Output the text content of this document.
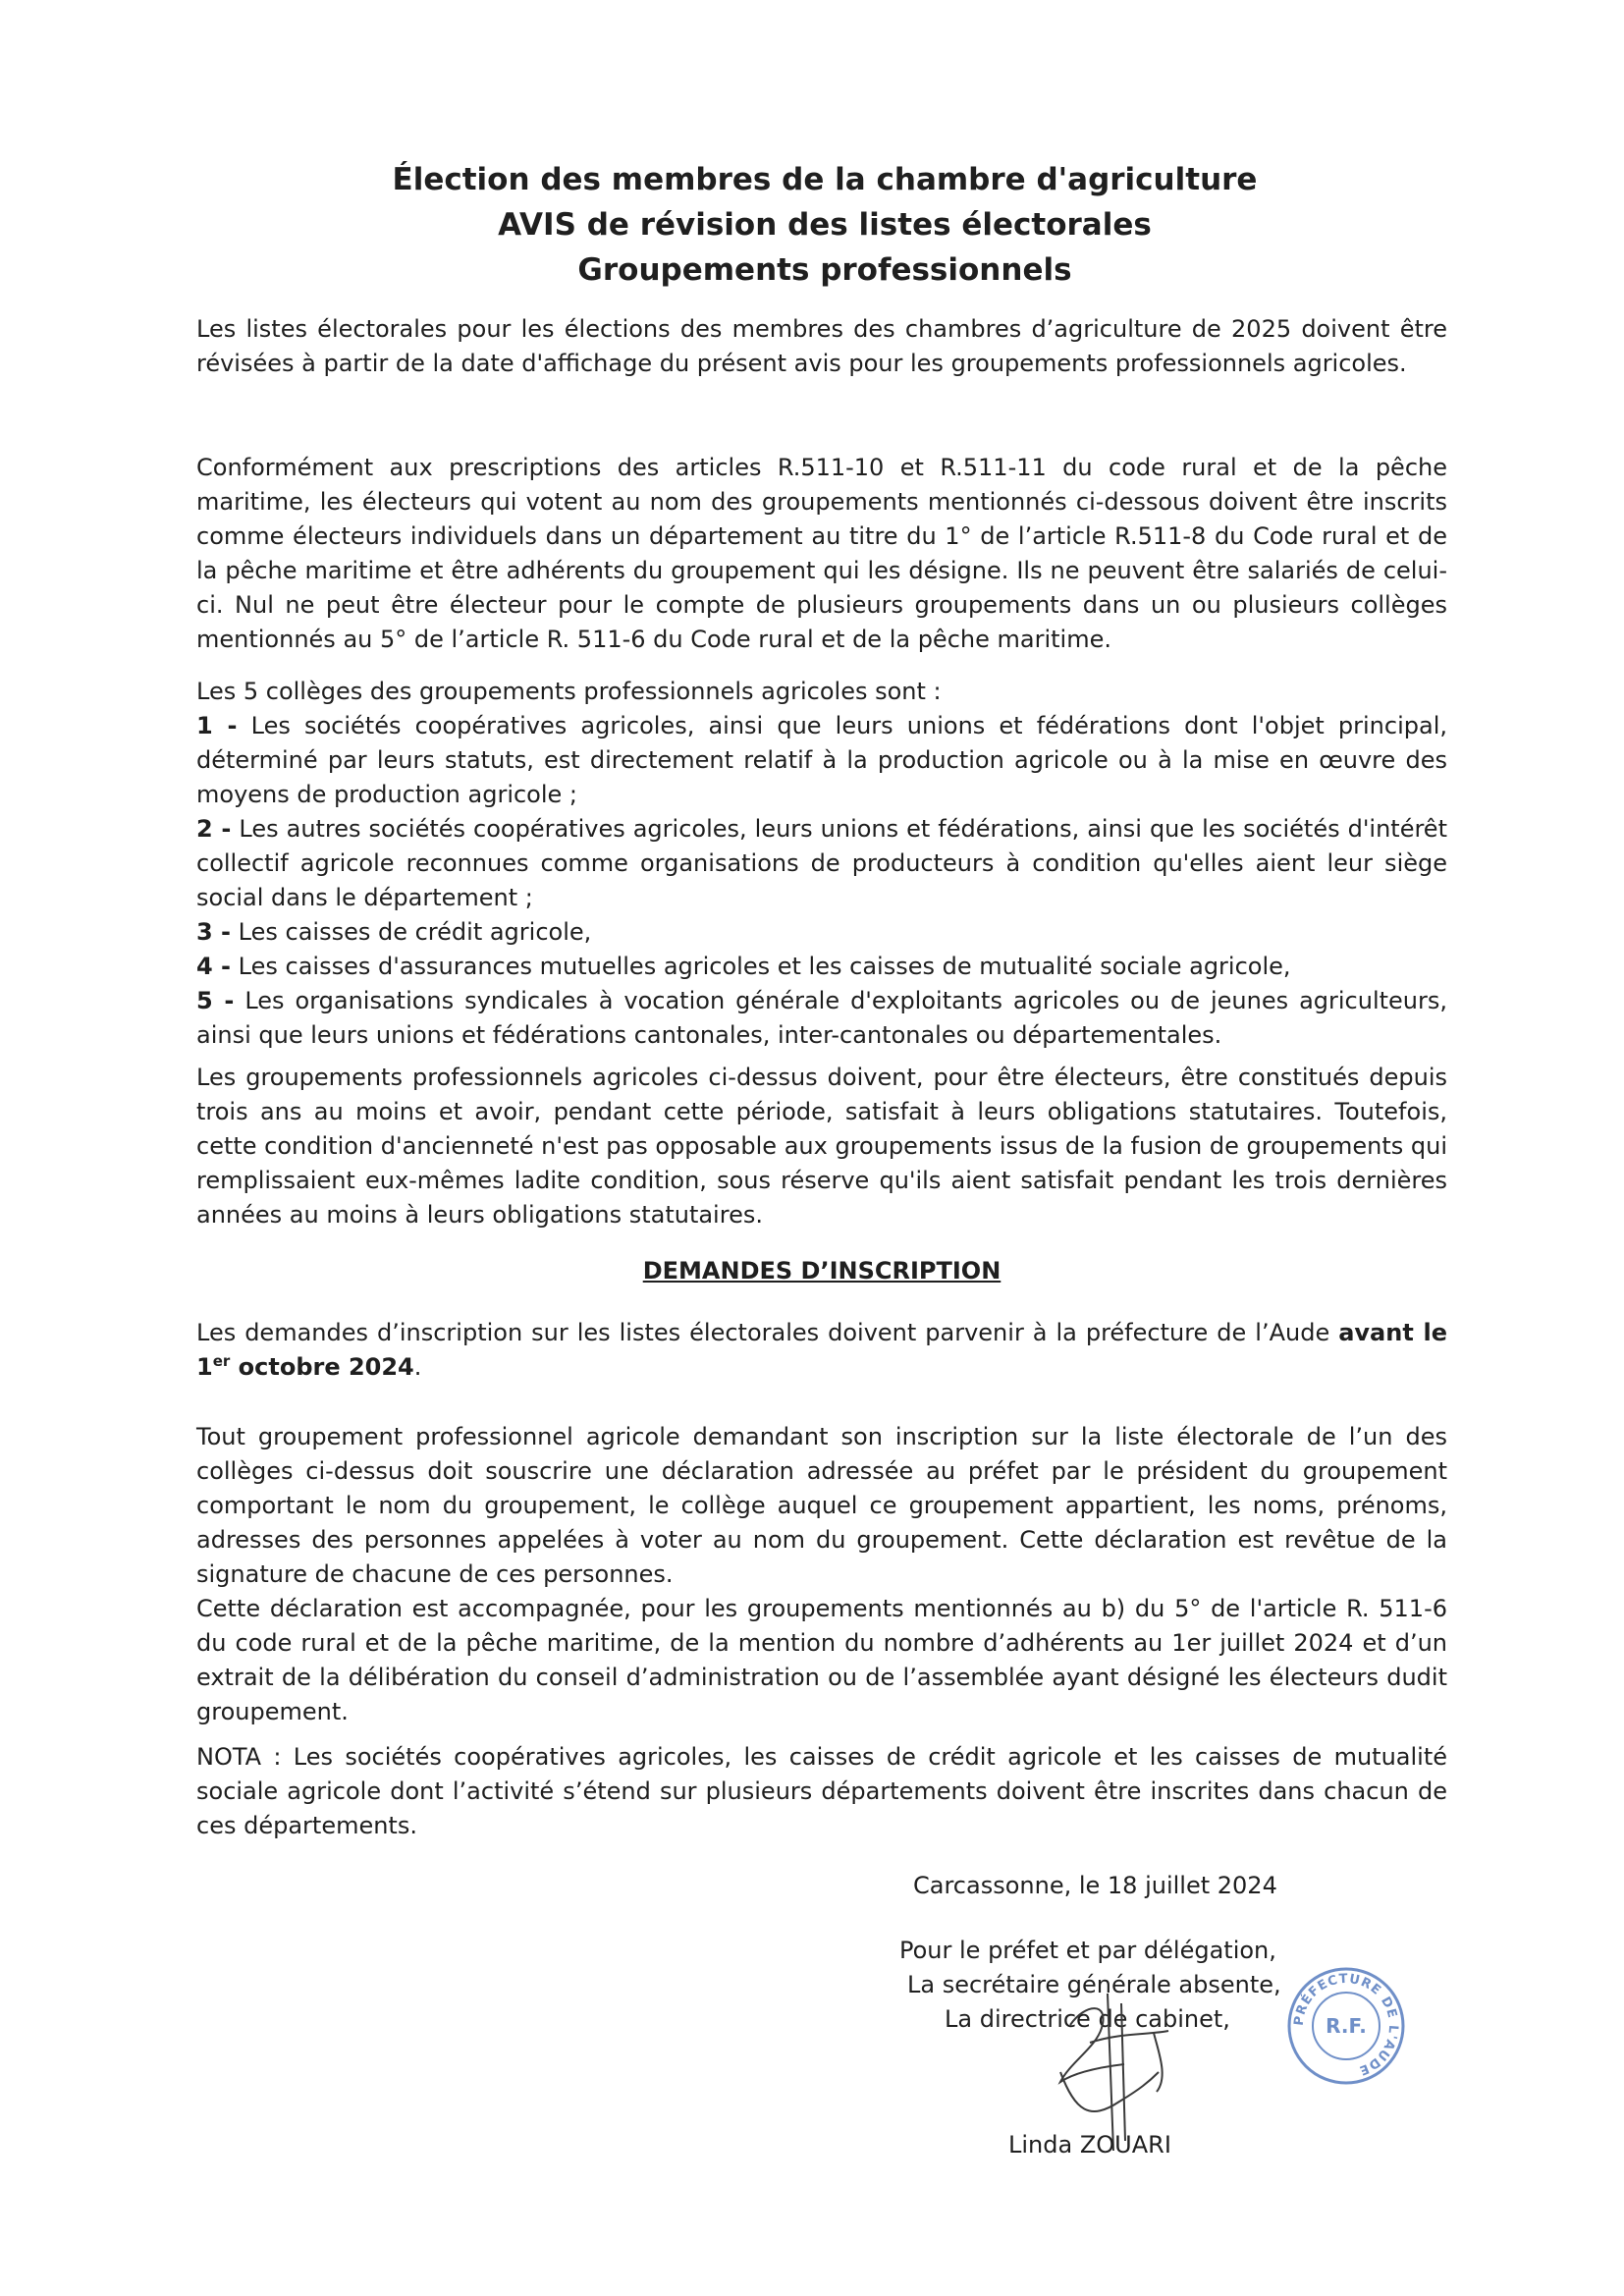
Élection des membres de la chambre d'agriculture
AVIS de révision des listes électorales
Groupements professionnels

Les listes électorales pour les élections des membres des chambres d’agriculture de 2025 doivent être révisées à partir de la date d'affichage du présent avis pour les groupements professionnels agricoles.

Conformément aux prescriptions des articles R.511-10 et R.511-11 du code rural et de la pêche maritime, les électeurs qui votent au nom des groupements mentionnés ci-dessous doivent être inscrits comme électeurs individuels dans un département au titre du 1° de l’article R.511-8 du Code rural et de la pêche maritime et être adhérents du groupement qui les désigne. Ils ne peuvent être salariés de celui-ci. Nul ne peut être électeur pour le compte de plusieurs groupements dans un ou plusieurs collèges mentionnés au 5° de l’article R. 511-6 du Code rural et de la pêche maritime.

Les 5 collèges des groupements professionnels agricoles sont :

1 - Les sociétés coopératives agricoles, ainsi que leurs unions et fédérations dont l'objet principal, déterminé par leurs statuts, est directement relatif à la production agricole ou à la mise en œuvre des moyens de production agricole ;

2 - Les autres sociétés coopératives agricoles, leurs unions et fédérations, ainsi que les sociétés d'intérêt collectif agricole reconnues comme organisations de producteurs à condition qu'elles aient leur siège social dans le département ;

3 - Les caisses de crédit agricole,

4 - Les caisses d'assurances mutuelles agricoles et les caisses de mutualité sociale agricole,

5 - Les organisations syndicales à vocation générale d'exploitants agricoles ou de jeunes agriculteurs, ainsi que leurs unions et fédérations cantonales, inter-cantonales ou départementales.

Les groupements professionnels agricoles ci-dessus doivent, pour être électeurs, être constitués depuis trois ans au moins et avoir, pendant cette période, satisfait à leurs obligations statutaires. Toutefois, cette condition d'ancienneté n'est pas opposable aux groupements issus de la fusion de groupements qui remplissaient eux-mêmes ladite condition, sous réserve qu'ils aient satisfait pendant les trois dernières années au moins à leurs obligations statutaires.

DEMANDES D’INSCRIPTION

Les demandes d’inscription sur les listes électorales doivent parvenir à la préfecture de l’Aude avant le 1er octobre 2024.

Tout groupement professionnel agricole demandant son inscription sur la liste électorale de l’un des collèges ci-dessus doit souscrire une déclaration adressée au préfet par le président du groupement comportant le nom du groupement, le collège auquel ce groupement appartient, les noms, prénoms, adresses des personnes appelées à voter au nom du groupement. Cette déclaration est revêtue de la signature de chacune de ces personnes.

Cette déclaration est accompagnée, pour les groupements mentionnés au b) du 5° de l'article R. 511-6 du code rural et de la pêche maritime, de la mention du nombre d’adhérents au 1er juillet 2024 et d’un extrait de la délibération du conseil d’administration ou de l’assemblée ayant désigné les électeurs dudit groupement.

NOTA : Les sociétés coopératives agricoles, les caisses de crédit agricole et les caisses de mutualité sociale agricole dont l’activité s’étend sur plusieurs départements doivent être inscrites dans chacun de ces départements.

Carcassonne, le 18 juillet 2024
Pour le préfet et par délégation,
La secrétaire générale absente,
La directrice de cabinet,	PRÉFECTURE DE L'AUDE
R.F.
Linda ZOUARI
